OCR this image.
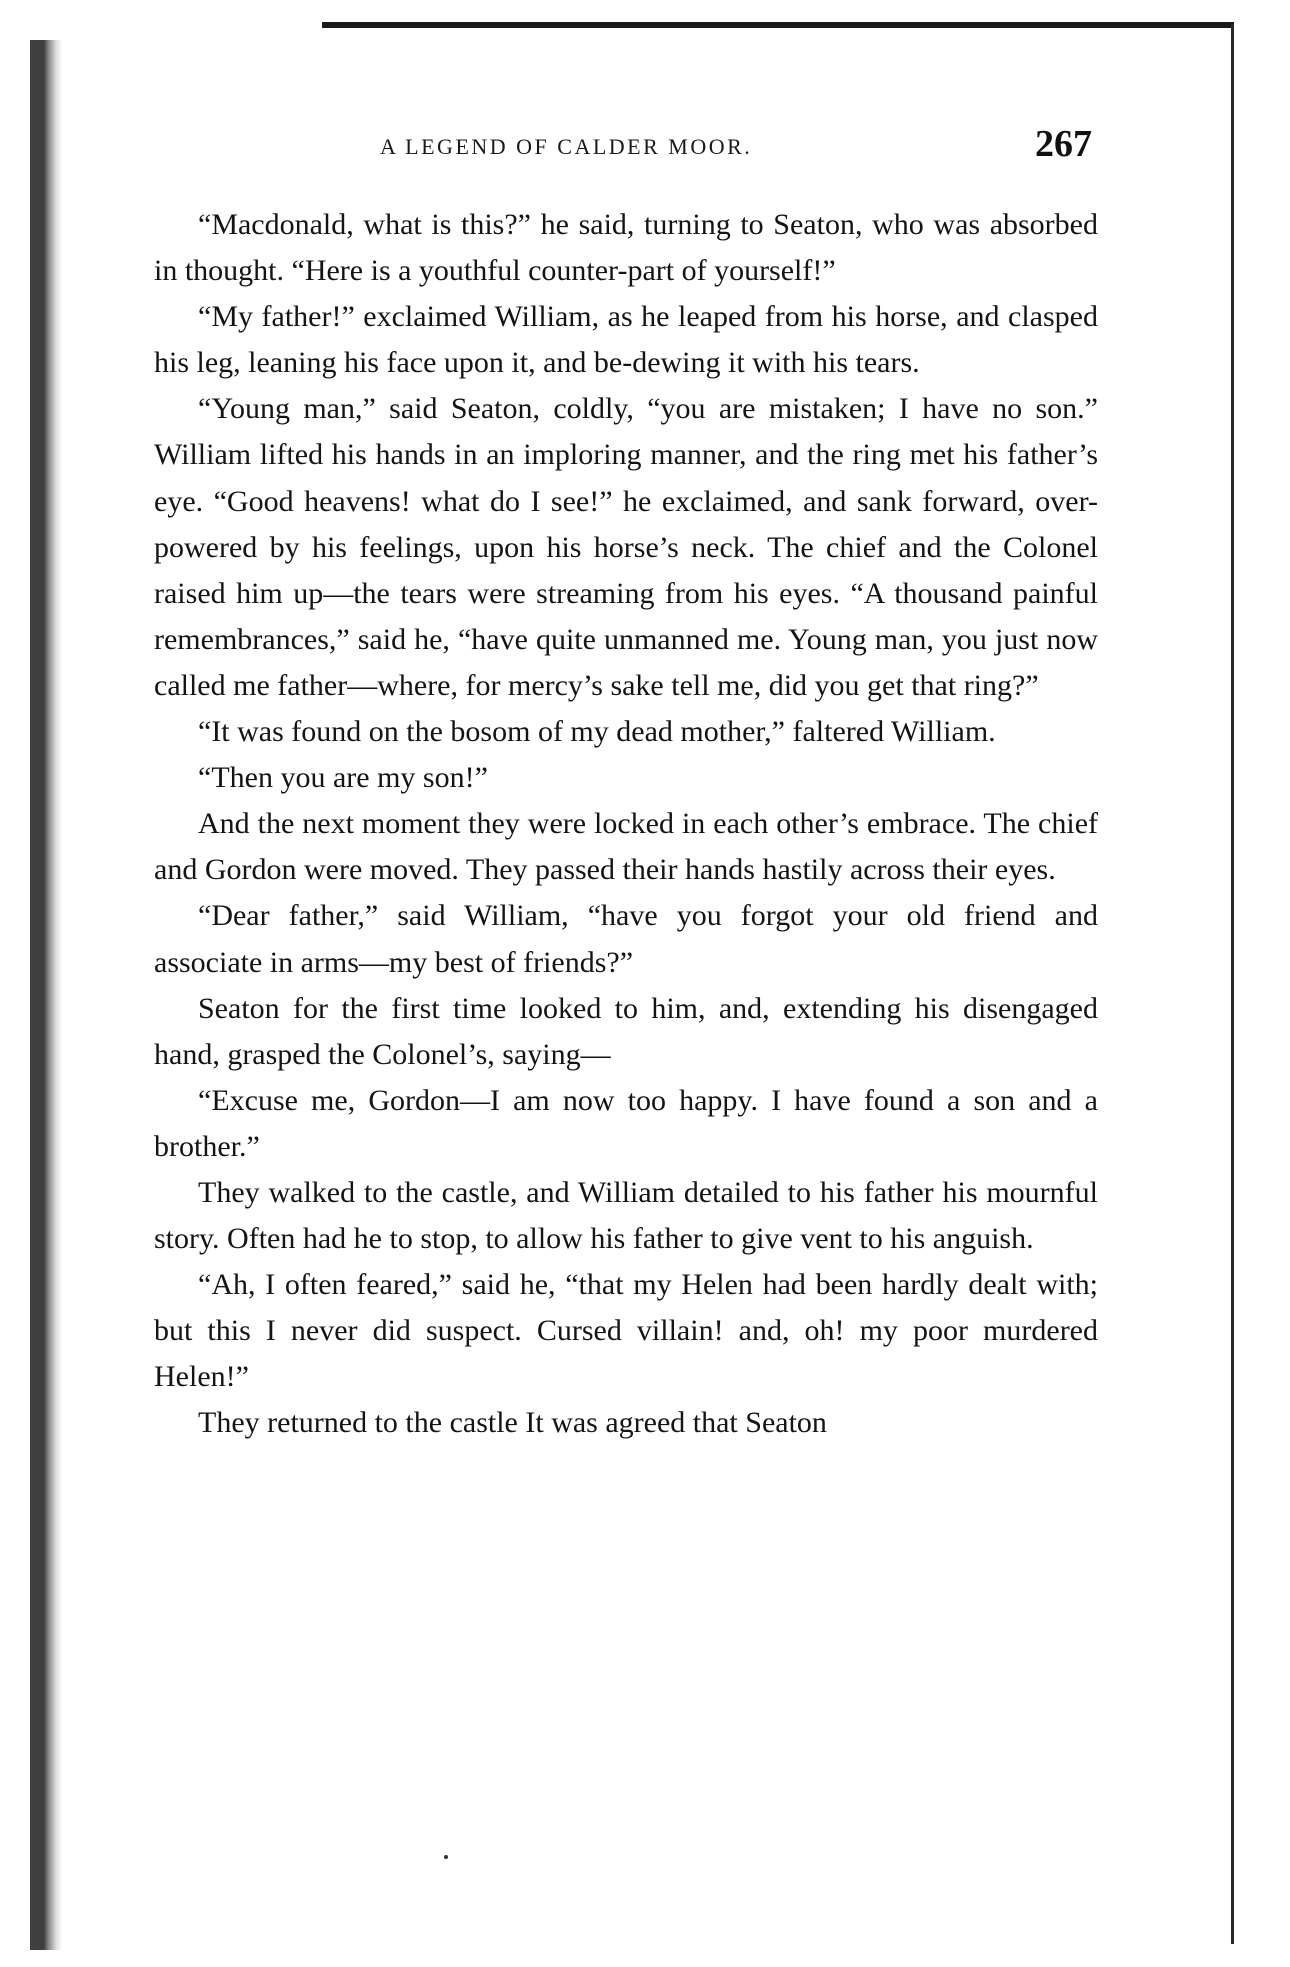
A LEGEND OF CALDER MOOR.	267

“Macdonald, what is this?” he said, turning to Seaton, who was absorbed in thought. “Here is a youthful counter-part of yourself!”

“My father!” exclaimed William, as he leaped from his horse, and clasped his leg, leaning his face upon it, and be-dewing it with his tears.

“Young man,” said Seaton, coldly, “you are mistaken; I have no son.” William lifted his hands in an imploring manner, and the ring met his father’s eye. “Good heavens! what do I see!” he exclaimed, and sank forward, over-powered by his feelings, upon his horse’s neck. The chief and the Colonel raised him up—the tears were streaming from his eyes. “A thousand painful remembrances,” said he, “have quite unmanned me. Young man, you just now called me father—where, for mercy’s sake tell me, did you get that ring?”

“It was found on the bosom of my dead mother,” faltered William.

“Then you are my son!”

And the next moment they were locked in each other’s embrace. The chief and Gordon were moved. They passed their hands hastily across their eyes.

“Dear father,” said William, “have you forgot your old friend and associate in arms—my best of friends?”

Seaton for the first time looked to him, and, extending his disengaged hand, grasped the Colonel’s, saying—

“Excuse me, Gordon—I am now too happy. I have found a son and a brother.”

They walked to the castle, and William detailed to his father his mournful story. Often had he to stop, to allow his father to give vent to his anguish.

“Ah, I often feared,” said he, “that my Helen had been hardly dealt with; but this I never did suspect. Cursed villain! and, oh! my poor murdered Helen!”

They returned to the castle It was agreed that Seaton
